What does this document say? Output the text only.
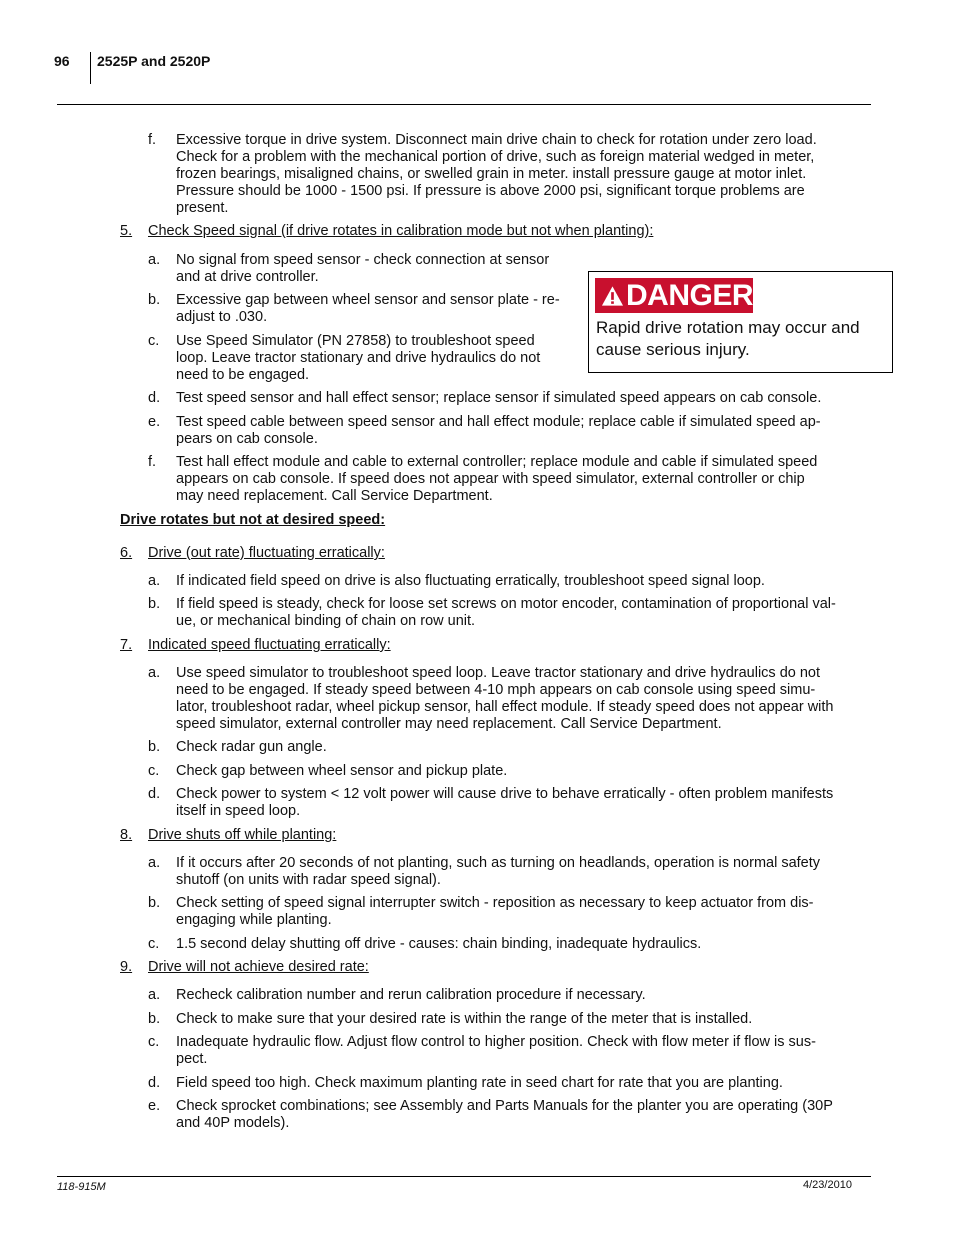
96 2525P and 2520P
f. Excessive torque in drive system. Disconnect main drive chain to check for rotation under zero load.
Check for a problem with the mechanical portion of drive, such as foreign material wedged in meter,
frozen bearings, misaligned chains, or swelled grain in meter. install pressure gauge at motor inlet.
Pressure should be 1000 - 1500 psi. If pressure is above 2000 psi, significant torque problems are
present.
5. Check Speed signal (if drive rotates in calibration mode but not when planting):
a. No signal from speed sensor - check connection at sensor
and at drive controller.
b. Excessive gap between wheel sensor and sensor plate - re-
adjust to .030.
c. Use Speed Simulator (PN 27858) to troubleshoot speed
loop. Leave tractor stationary and drive hydraulics do not
need to be engaged.
DANGER
Rapid drive rotation may occur and
cause serious injury.
d. Test speed sensor and hall effect sensor; replace sensor if simulated speed appears on cab console.
e. Test speed cable between speed sensor and hall effect module; replace cable if simulated speed ap-
pears on cab console.
f. Test hall effect module and cable to external controller; replace module and cable if simulated speed
appears on cab console. If speed does not appear with speed simulator, external controller or chip
may need replacement. Call Service Department.
Drive rotates but not at desired speed:
6. Drive (out rate) fluctuating erratically:
a. If indicated field speed on drive is also fluctuating erratically, troubleshoot speed signal loop.
b. If field speed is steady, check for loose set screws on motor encoder, contamination of proportional val-
ue, or mechanical binding of chain on row unit.
7. Indicated speed fluctuating erratically:
a. Use speed simulator to troubleshoot speed loop. Leave tractor stationary and drive hydraulics do not
need to be engaged. If steady speed between 4-10 mph appears on cab console using speed simu-
lator, troubleshoot radar, wheel pickup sensor, hall effect module. If steady speed does not appear with
speed simulator, external controller may need replacement. Call Service Department.
b. Check radar gun angle.
c. Check gap between wheel sensor and pickup plate.
d. Check power to system < 12 volt power will cause drive to behave erratically - often problem manifests
itself in speed loop.
8. Drive shuts off while planting:
a. If it occurs after 20 seconds of not planting, such as turning on headlands, operation is normal safety
shutoff (on units with radar speed signal).
b. Check setting of speed signal interrupter switch - reposition as necessary to keep actuator from dis-
engaging while planting.
c. 1.5 second delay shutting off drive - causes: chain binding, inadequate hydraulics.
9. Drive will not achieve desired rate:
a. Recheck calibration number and rerun calibration procedure if necessary.
b. Check to make sure that your desired rate is within the range of the meter that is installed.
c. Inadequate hydraulic flow. Adjust flow control to higher position. Check with flow meter if flow is sus-
pect.
d. Field speed too high. Check maximum planting rate in seed chart for rate that you are planting.
e. Check sprocket combinations; see Assembly and Parts Manuals for the planter you are operating (30P
and 40P models).
118-915M	4/23/2010
